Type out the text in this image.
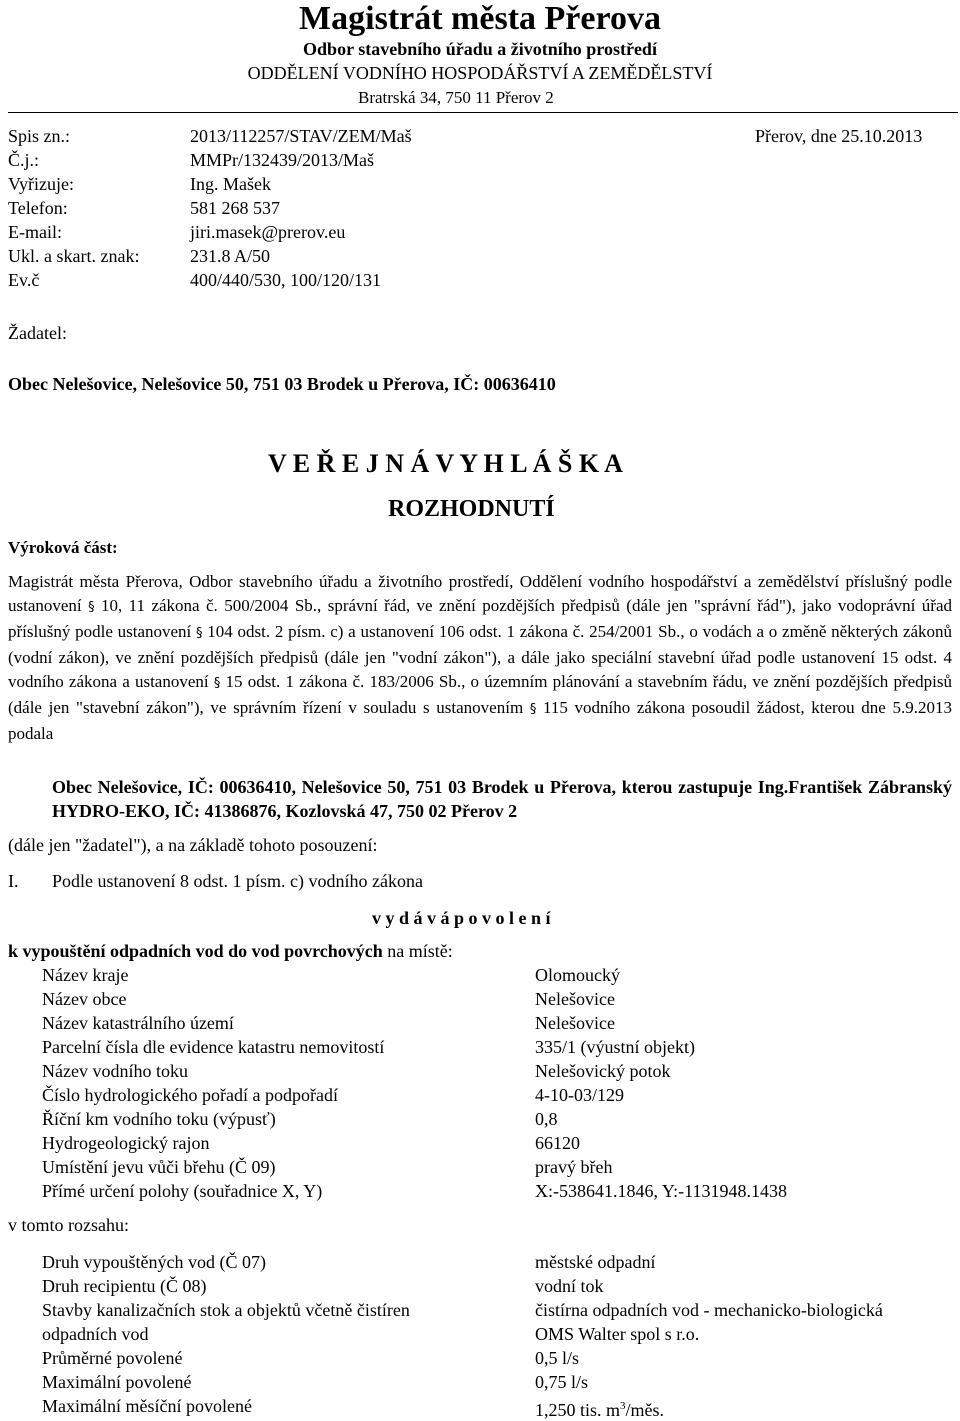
Magistrát města Přerova
Odbor stavebního úřadu a životního prostředí
ODDĚLENÍ VODNÍHO HOSPODÁŘSTVÍ A ZEMĚDĚLSTVÍ
Bratrská 34, 750 11 Přerov 2
Spis zn.:	2013/112257/STAV/ZEM/Maš	Přerov, dne 25.10.2013
Č.j.:	MMPr/132439/2013/Maš
Vyřizuje:	Ing. Mašek
Telefon:	581 268 537
E-mail:	jiri.masek@prerov.eu
Ukl. a skart. znak:	231.8 A/50
Ev.č	400/440/530, 100/120/131
Žadatel:
Obec Nelešovice, Nelešovice 50, 751 03 Brodek u Přerova, IČ: 00636410
V E Ř E J N Á V Y H L Á Š K A
ROZHODNUTÍ
Výroková část:
Magistrát města Přerova, Odbor stavebního úřadu a životního prostředí, Oddělení vodního hospodářství a zemědělství příslušný podle ustanovení § 10, 11 zákona č. 500/2004 Sb., správní řád, ve znění pozdějších předpisů (dále jen "správní řád"), jako vodoprávní úřad příslušný podle ustanovení § 104 odst. 2 písm. c) a ustanovení 106 odst. 1 zákona č. 254/2001 Sb., o vodách a o změně některých zákonů (vodní zákon), ve znění pozdějších předpisů (dále jen "vodní zákon"), a dále jako speciální stavební úřad podle ustanovení 15 odst. 4 vodního zákona a ustanovení § 15 odst. 1 zákona č. 183/2006 Sb., o územním plánování a stavebním řádu, ve znění pozdějších předpisů (dále jen "stavební zákon"), ve správním řízení v souladu s ustanovením § 115 vodního zákona posoudil žádost, kterou dne 5.9.2013 podala
Obec Nelešovice, IČ: 00636410, Nelešovice 50, 751 03 Brodek u Přerova, kterou zastupuje Ing.František Zábranský HYDRO-EKO, IČ: 41386876, Kozlovská 47, 750 02 Přerov 2
(dále jen "žadatel"), a na základě tohoto posouzení:
I. Podle ustanovení 8 odst. 1 písm. c) vodního zákona
v y d á v á p o v o l e n í
k vypouštění odpadních vod do vod povrchových na místě:
Název kraje	Olomoucký
Název obce	Nelešovice
Název katastrálního území	Nelešovice
Parcelní čísla dle evidence katastru nemovitostí	335/1 (výustní objekt)
Název vodního toku	Nelešovický potok
Číslo hydrologického pořadí a podpořadí	4-10-03/129
Říční km vodního toku (výpusť)	0,8
Hydrogeologický rajon	66120
Umístění jevu vůči břehu (Č 09)	pravý břeh
Přímé určení polohy (souřadnice X, Y)	X:-538641.1846, Y:-1131948.1438
v tomto rozsahu:
Druh vypouštěných vod (Č 07)	městské odpadní
Druh recipientu (Č 08)	vodní tok
Stavby kanalizačních stok a objektů včetně čistíren	čistírna odpadních vod - mechanicko-biologická
odpadních vod	OMS Walter spol s r.o.
Průměrné povolené	0,5 l/s
Maximální povolené	0,75 l/s
Maximální měsíční povolené	1,250 tis. $m^3$/měs.
